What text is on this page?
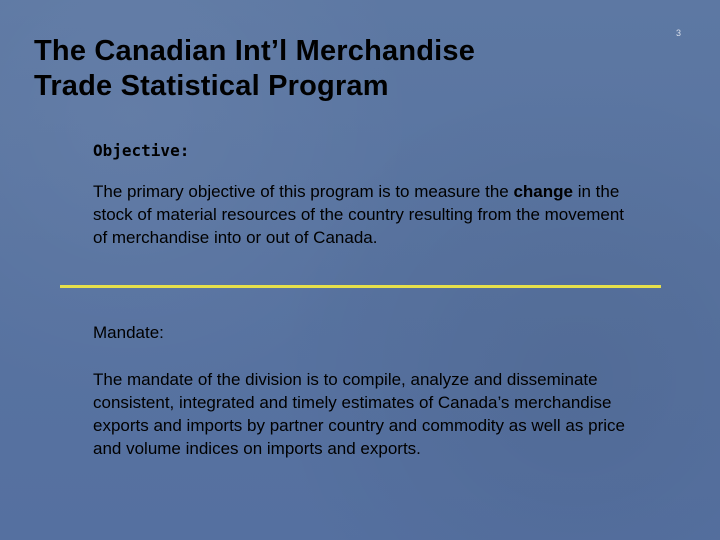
3
The Canadian Int’l Merchandise
Trade Statistical Program
Objective:

The primary objective of this program is to measure the change in the stock of material resources of the country resulting from the movement of merchandise into or out of Canada.

Mandate:

The mandate of the division is to compile, analyze and disseminate consistent, integrated and timely estimates of Canada’s merchandise exports and imports by partner country and commodity as well as price and volume indices on imports and exports.
